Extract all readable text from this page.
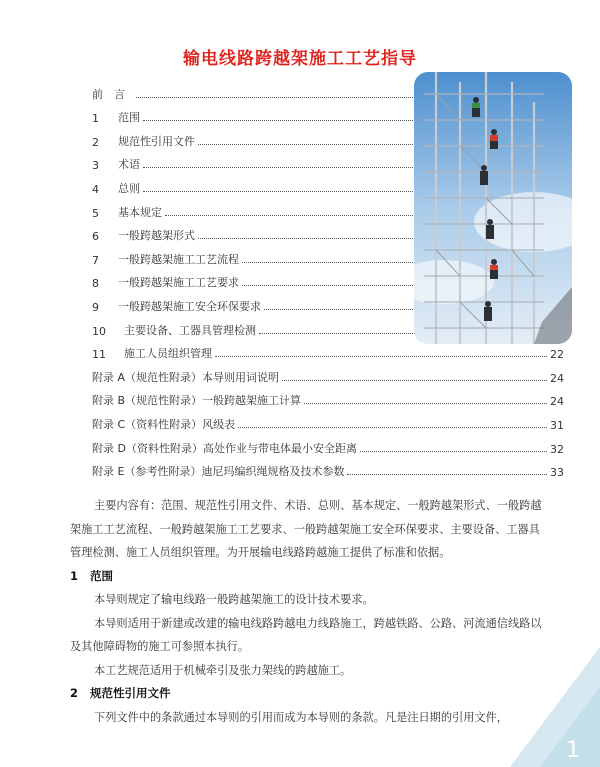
输电线路跨越架施工工艺指导
前　言
1	范围
2	规范性引用文件
3	术语
4	总则
5	基本规定
6	一般跨越架形式
7	一般跨越架施工工艺流程
8	一般跨越架施工工艺要求
9	一般跨越架施工安全环保要求
10	主要设备、工器具管理检测
11	施工人员组织管理	22
附录 A（规范性附录）本导则用词说明	24
附录 B（规范性附录）一般跨越架施工计算	24
附录 C（资料性附录）风级表	31
附录 D（资料性附录）高处作业与带电体最小安全距离	32
附录 E（参考性附录）迪尼玛编织绳规格及技术参数	33

主要内容有：范围、规范性引用文件、术语、总则、基本规定、一般跨越架形式、一般跨越架施工工艺流程、一般跨越架施工工艺要求、一般跨越架施工安全环保要求、主要设备、工器具管理检测、施工人员组织管理。为开展输电线路跨越施工提供了标准和依据。

1 范围

本导则规定了输电线路一般跨越架施工的设计技术要求。

本导则适用于新建或改建的输电线路跨越电力线路施工，跨越铁路、公路、河流通信线路以及其他障碍物的施工可参照本执行。

本工艺规范适用于机械牵引及张力架线的跨越施工。

2 规范性引用文件

下列文件中的条款通过本导则的引用而成为本导则的条款。凡是注日期的引用文件，

1
